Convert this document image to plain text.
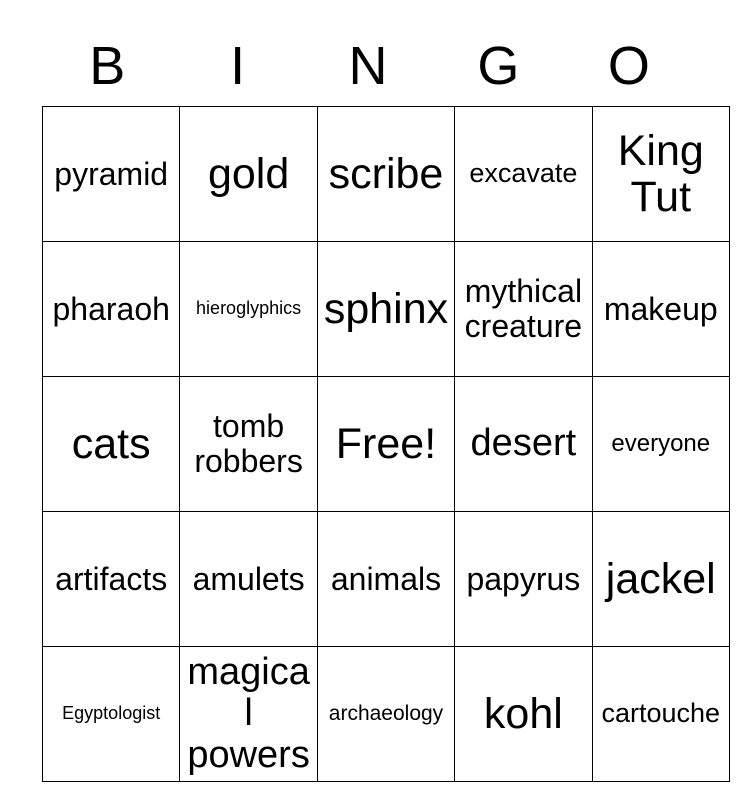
B	I	N	G	O
pyramid	gold	scribe	excavate	King Tut
pharaoh	hieroglyphics	sphinx	mythical creature	makeup
cats	tomb robbers	Free!	desert	everyone
artifacts	amulets	animals	papyrus	jackel
Egyptologist	magical powers	archaeology	kohl	cartouche
